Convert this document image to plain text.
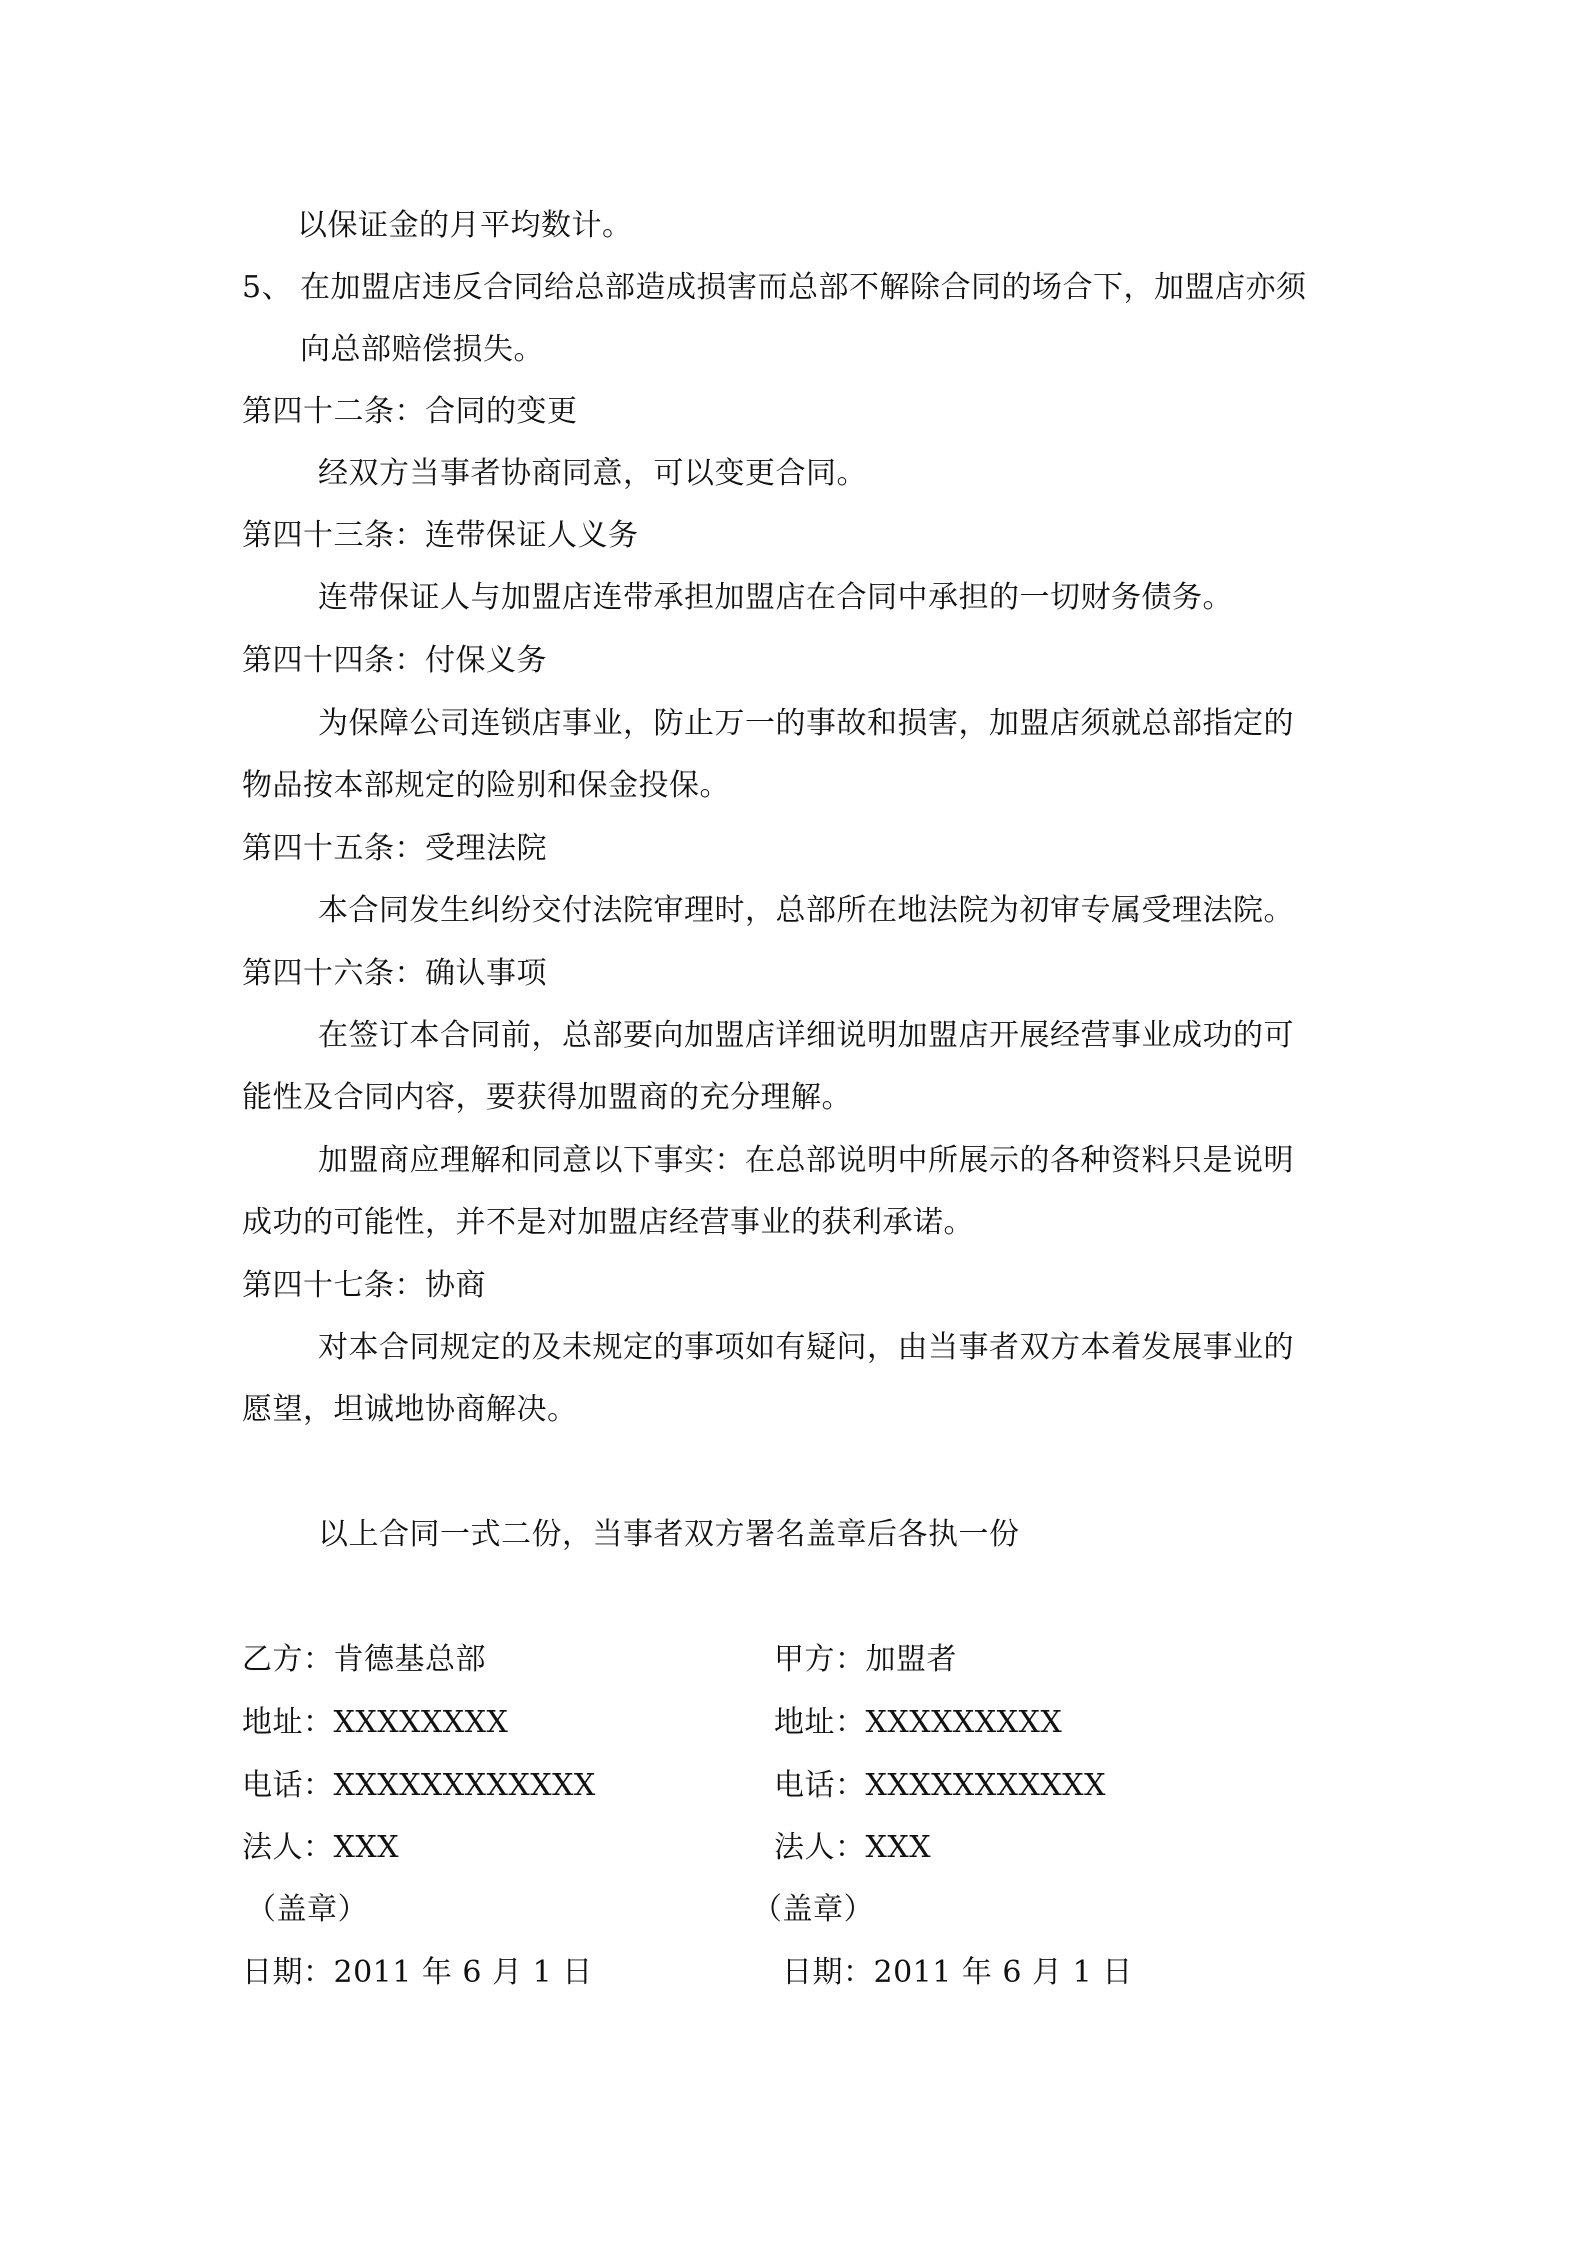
以保证金的月平均数计。
5、 在加盟店违反合同给总部造成损害而总部不解除合同的场合下，加盟店亦须
向总部赔偿损失。
第四十二条：合同的变更
经双方当事者协商同意，可以变更合同。
第四十三条：连带保证人义务
连带保证人与加盟店连带承担加盟店在合同中承担的一切财务债务。
第四十四条：付保义务
为保障公司连锁店事业，防止万一的事故和损害，加盟店须就总部指定的
物品按本部规定的险别和保金投保。
第四十五条：受理法院
本合同发生纠纷交付法院审理时，总部所在地法院为初审专属受理法院。
第四十六条：确认事项
在签订本合同前，总部要向加盟店详细说明加盟店开展经营事业成功的可
能性及合同内容，要获得加盟商的充分理解。
加盟商应理解和同意以下事实：在总部说明中所展示的各种资料只是说明
成功的可能性，并不是对加盟店经营事业的获利承诺。
第四十七条：协商
对本合同规定的及未规定的事项如有疑问，由当事者双方本着发展事业的
愿望，坦诚地协商解决。
以上合同一式二份，当事者双方署名盖章后各执一份
乙方：肯德基总部
地址：XXXXXXXX
电话：XXXXXXXXXXXX
法人：XXX
（盖章）
日期：2011 年 6 月 1 日
甲方：加盟者
地址：XXXXXXXXX
电话：XXXXXXXXXXX
法人：XXX
（盖章）
日期：2011 年 6 月 1 日
